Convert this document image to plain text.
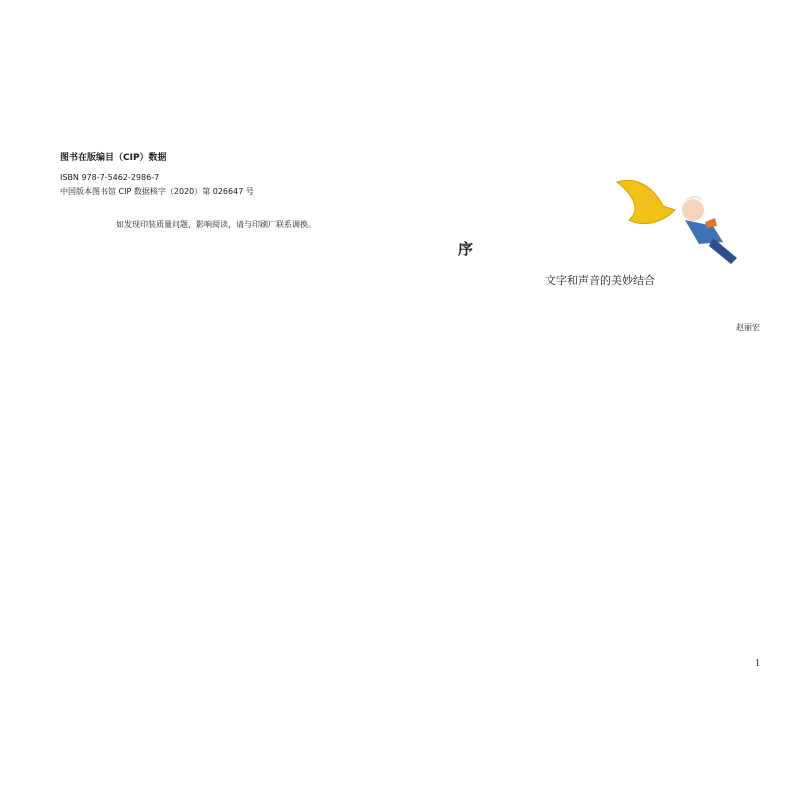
图书在版编目（CIP）数据

ISBN 978-7-5462-2986-7

中国版本图书馆 CIP 数据核字（2020）第 026647 号

如发现印装质量问题，影响阅读，请与印刷厂联系调换。

序

文字和声音的美妙结合

赵丽宏

1
